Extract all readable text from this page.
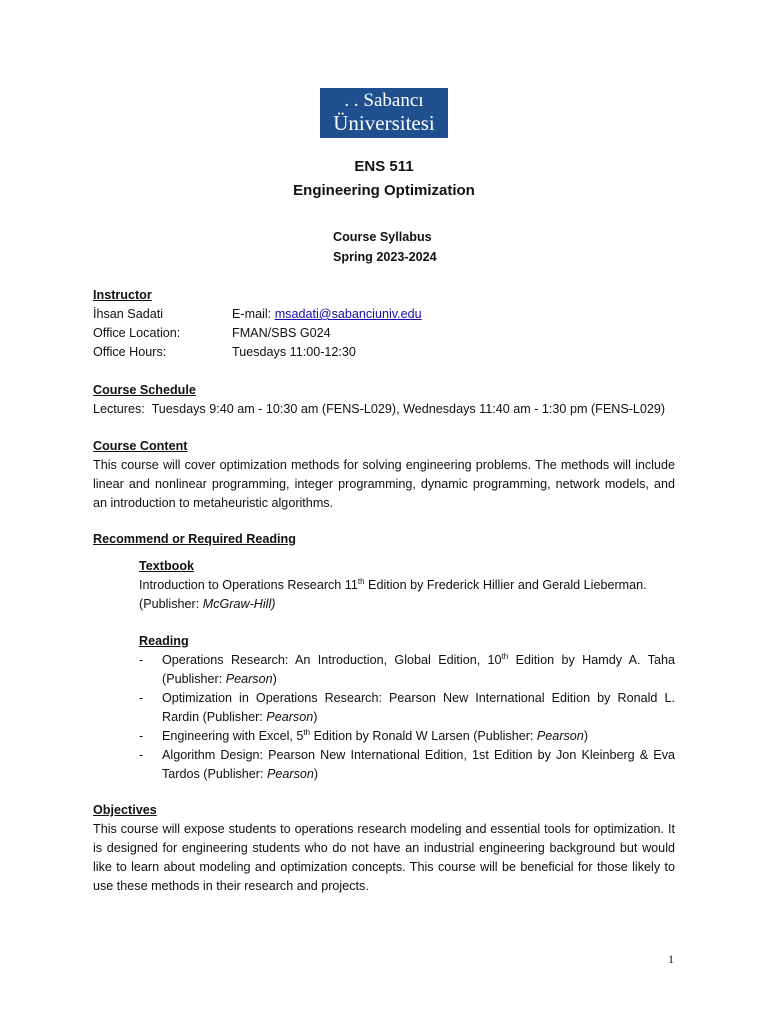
. . Sabancı
Üniversitesi
ENS 511
Engineering Optimization
Course Syllabus
Spring 2023-2024
Instructor
İhsan Sadati	E-mail: msadati@sabanciuniv.edu
Office Location:	FMAN/SBS G024
Office Hours:	Tuesdays 11:00-12:30
Course Schedule
Lectures:  Tuesdays 9:40 am - 10:30 am (FENS-L029), Wednesdays 11:40 am - 1:30 pm (FENS-L029)
Course Content

This course will cover optimization methods for solving engineering problems. The methods will include linear and nonlinear programming, integer programming, dynamic programming, network models, and an introduction to metaheuristic algorithms.

Recommend or Required Reading
Textbook
Introduction to Operations Research 11th Edition by Frederick Hillier and Gerald Lieberman.
(Publisher: McGraw-Hill)
Reading
- Operations Research: An Introduction, Global Edition, 10th Edition by Hamdy A. Taha (Publisher: Pearson)
- Optimization in Operations Research: Pearson New International Edition by Ronald L. Rardin (Publisher: Pearson)
- Engineering with Excel, 5th Edition by Ronald W Larsen (Publisher: Pearson)
- Algorithm Design: Pearson New International Edition, 1st Edition by Jon Kleinberg & Eva Tardos (Publisher: Pearson)
Objectives

This course will expose students to operations research modeling and essential tools for optimization. It is designed for engineering students who do not have an industrial engineering background but would like to learn about modeling and optimization concepts. This course will be beneficial for those likely to use these methods in their research and projects.

1
